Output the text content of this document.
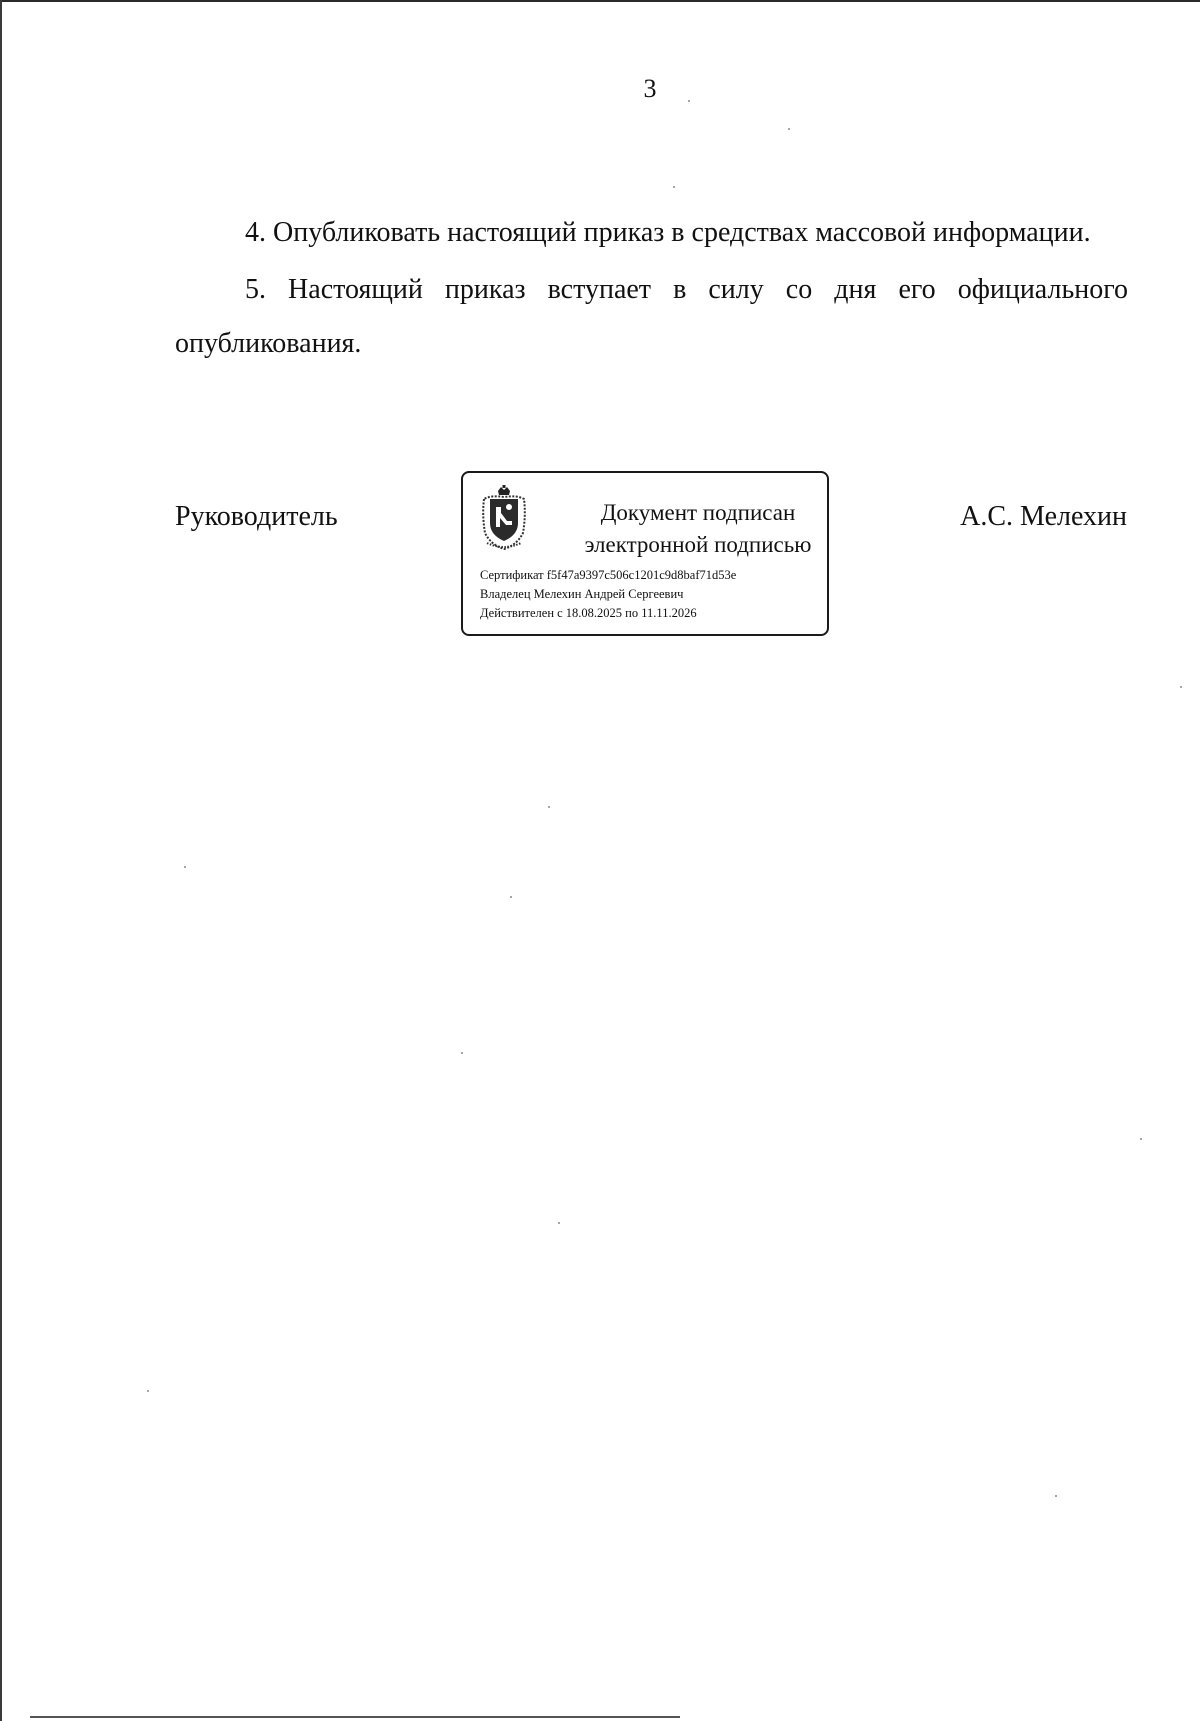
3
4. Опубликовать настоящий приказ в средствах массовой информации.
5. Настоящий приказ вступает в силу со дня его официального
опубликования.
Руководитель	Документ подписан
электронной подписью
Сертификат f5f47a9397c506c1201c9d8baf71d53e
Владелец Мелехин Андрей Сергеевич
Действителен с 18.08.2025 по 11.11.2026
А.С. Мелехин
